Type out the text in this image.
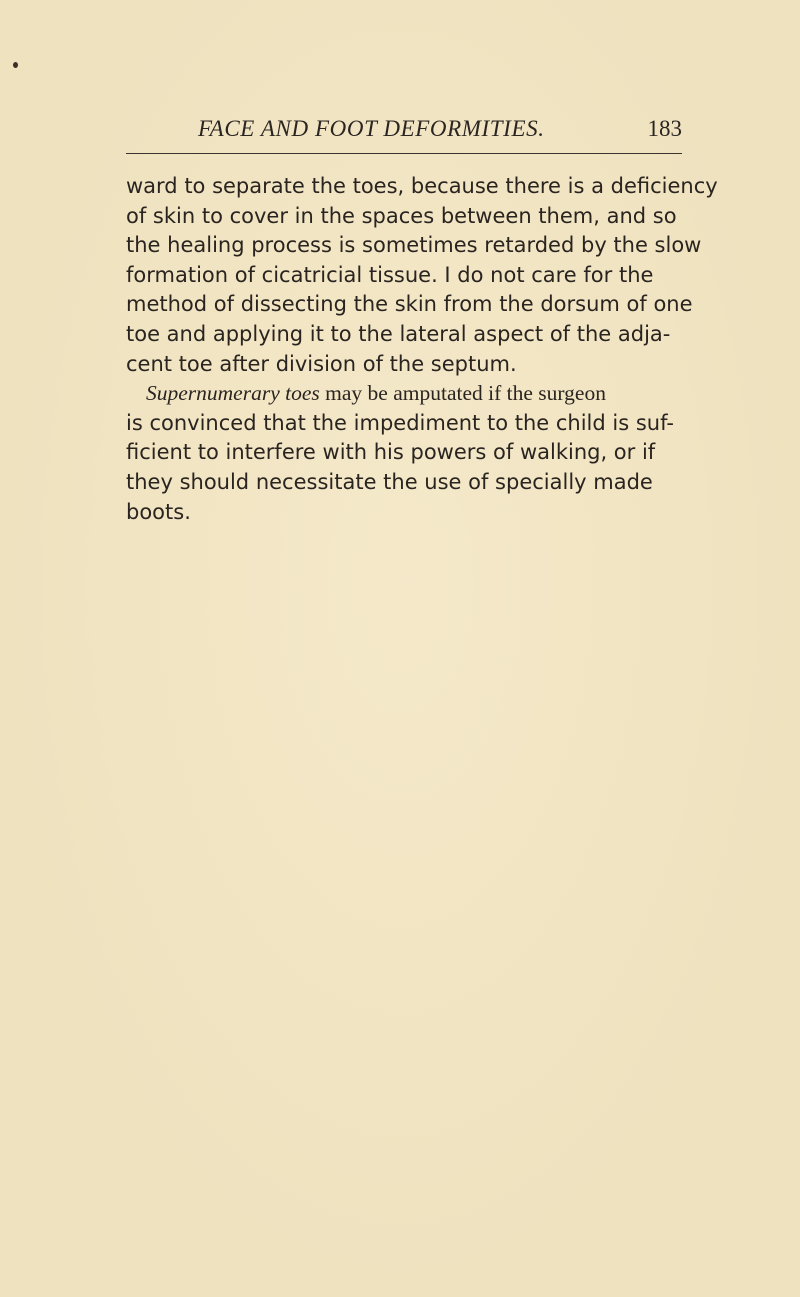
FACE AND FOOT DEFORMITIES.	183
ward to separate the toes, because there is a deficiency
of skin to cover in the spaces between them, and so
the healing process is sometimes retarded by the slow
formation of cicatricial tissue. I do not care for the
method of dissecting the skin from the dorsum of one
toe and applying it to the lateral aspect of the adja-
cent toe after division of the septum.
Supernumerary toes may be amputated if the surgeon
is convinced that the impediment to the child is suf-
ficient to interfere with his powers of walking, or if
they should necessitate the use of specially made
boots.
